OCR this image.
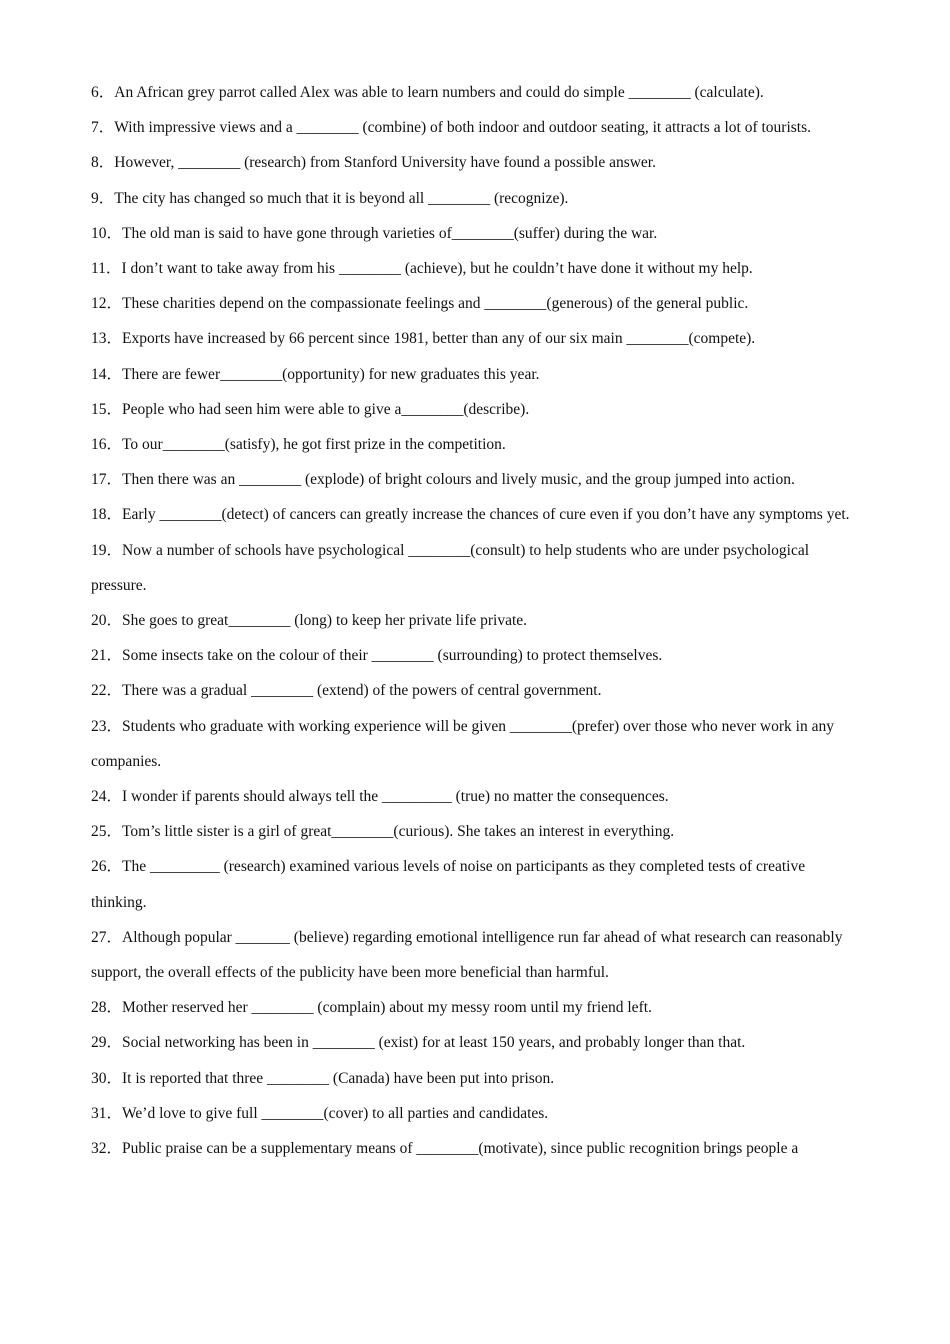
6．An African grey parrot called Alex was able to learn numbers and could do simple ________ (calculate).

7．With impressive views and a ________ (combine) of both indoor and outdoor seating, it attracts a lot of tourists.

8．However, ________ (research) from Stanford University have found a possible answer.

9．The city has changed so much that it is beyond all ________ (recognize).

10．The old man is said to have gone through varieties of________(suffer) during the war.

11．I don’t want to take away from his ________ (achieve), but he couldn’t have done it without my help.

12．These charities depend on the compassionate feelings and ________(generous) of the general public.

13．Exports have increased by 66 percent since 1981, better than any of our six main ________(compete).

14．There are fewer________(opportunity) for new graduates this year.

15．People who had seen him were able to give a________(describe).

16．To our________(satisfy), he got first prize in the competition.

17．Then there was an ________ (explode) of bright colours and lively music, and the group jumped into action.

18．Early ________(detect) of cancers can greatly increase the chances of cure even if you don’t have any symptoms yet.

19．Now a number of schools have psychological ________(consult) to help students who are under psychological pressure.

20．She goes to great________ (long) to keep her private life private.

21．Some insects take on the colour of their ________ (surrounding) to protect themselves.

22．There was a gradual ________ (extend) of the powers of central government.

23．Students who graduate with working experience will be given ________(prefer) over those who never work in any companies.

24．I wonder if parents should always tell the _________ (true) no matter the consequences.

25．Tom’s little sister is a girl of great________(curious). She takes an interest in everything.

26．The _________ (research) examined various levels of noise on participants as they completed tests of creative thinking.

27．Although popular _______ (believe) regarding emotional intelligence run far ahead of what research can reasonably support, the overall effects of the publicity have been more beneficial than harmful.

28．Mother reserved her ________ (complain) about my messy room until my friend left.

29．Social networking has been in ________ (exist) for at least 150 years, and probably longer than that.

30．It is reported that three ________ (Canada) have been put into prison.

31．We’d love to give full ________(cover) to all parties and candidates.

32．Public praise can be a supplementary means of ________(motivate), since public recognition brings people a
